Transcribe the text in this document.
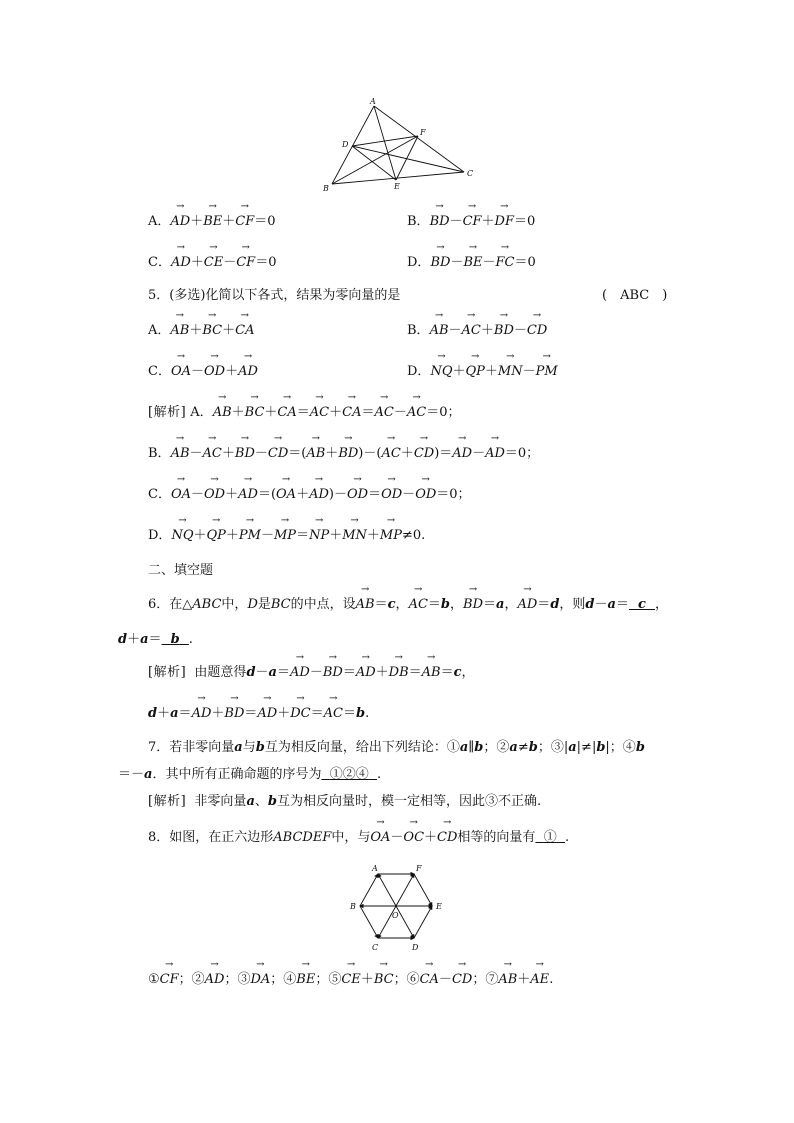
A
B
C
D
E
F
A．→ AD＋→ BE＋→ CF＝0	B．→ BD－→ CF＋→ DF＝0
C．→ AD＋→ CE－→ CF＝0	D．→ BD－→ BE－→ FC＝0
5．(多选)化简以下各式，结果为零向量的是	(　ABC　)
A．→ AB＋→ BC＋→ CA	B．→ AB－→ AC＋→ BD－→ CD
C．→ OA－→ OD＋→ AD	D．→ NQ＋→ QP＋→ MN－→ PM
[解析] A．→ AB＋→ BC＋→ CA＝→ AC＋→ CA＝→ AC－→ AC＝0；
B．→ AB－→ AC＋→ BD－→ CD＝(→ AB＋→ BD)－(→ AC＋→ CD)＝→ AD－→ AD＝0；
C．→ OA－→ OD＋→ AD＝(→ OA＋→ AD)－→ OD＝→ OD－→ OD＝0；
D．→ NQ＋→ QP＋→ PM－→ MP＝→ NP＋→ MN＋→ MP≠0.
二、填空题
6．在△ABC中，D是BC的中点，设→ AB＝c，→ AC＝b，→ BD＝a，→ AD＝d，则d－a＝ c ，
d＋a＝ b .
[解析] 由题意得d－a＝→ AD－→ BD＝→ AD＋→ DB＝→ AB＝c，
d＋a＝→ AD＋→ BD＝→ AD＋→ DC＝→ AC＝b.
7．若非零向量a与b互为相反向量，给出下列结论：①a∥b；②a≠b；③|a|≠|b|；④b
＝－a．其中所有正确命题的序号为 ①②④ .
[解析] 非零向量a、b互为相反向量时，模一定相等，因此③不正确.
8．如图，在正六边形ABCDEF中，与→ OA－→ OC＋→ CD相等的向量有 ① .
A	F
B	E
O
C	D
①→ CF；②→ AD；③→ DA；④→ BE；⑤→ CE＋→ BC；⑥→ CA－→ CD；⑦→ AB＋→ AE.
